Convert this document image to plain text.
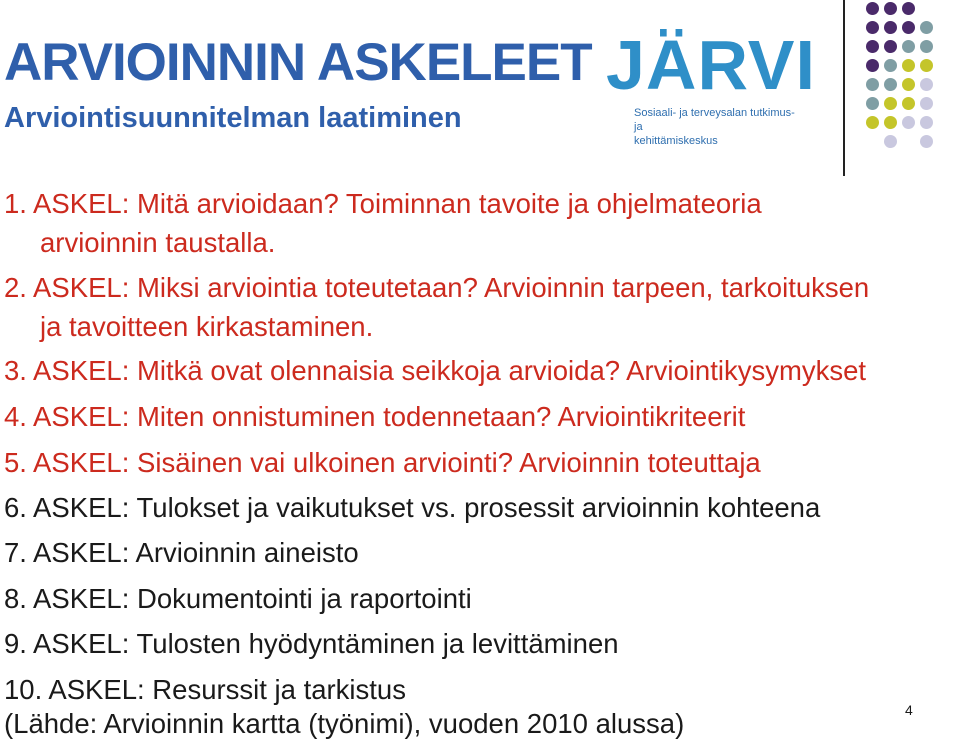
ARVIOINNIN ASKELEET
Arviointisuunnitelman laatiminen
JÄRVI
Sosiaali- ja terveysalan tutkimus- ja
kehittämiskeskus

1. ASKEL: Mitä arvioidaan? Toiminnan tavoite ja ohjelmateoria

arvioinnin taustalla.

2. ASKEL: Miksi arviointia toteutetaan? Arvioinnin tarpeen, tarkoituksen

ja tavoitteen kirkastaminen.

3. ASKEL: Mitkä ovat olennaisia seikkoja arvioida? Arviointikysymykset

4. ASKEL: Miten onnistuminen todennetaan? Arviointikriteerit

5. ASKEL: Sisäinen vai ulkoinen arviointi? Arvioinnin toteuttaja

6. ASKEL: Tulokset ja vaikutukset vs. prosessit arvioinnin kohteena

7. ASKEL: Arvioinnin aineisto

8. ASKEL: Dokumentointi ja raportointi

9. ASKEL: Tulosten hyödyntäminen ja levittäminen

10. ASKEL: Resurssit ja tarkistus

(Lähde: Arvioinnin kartta (työnimi), vuoden 2010 alussa)	4
